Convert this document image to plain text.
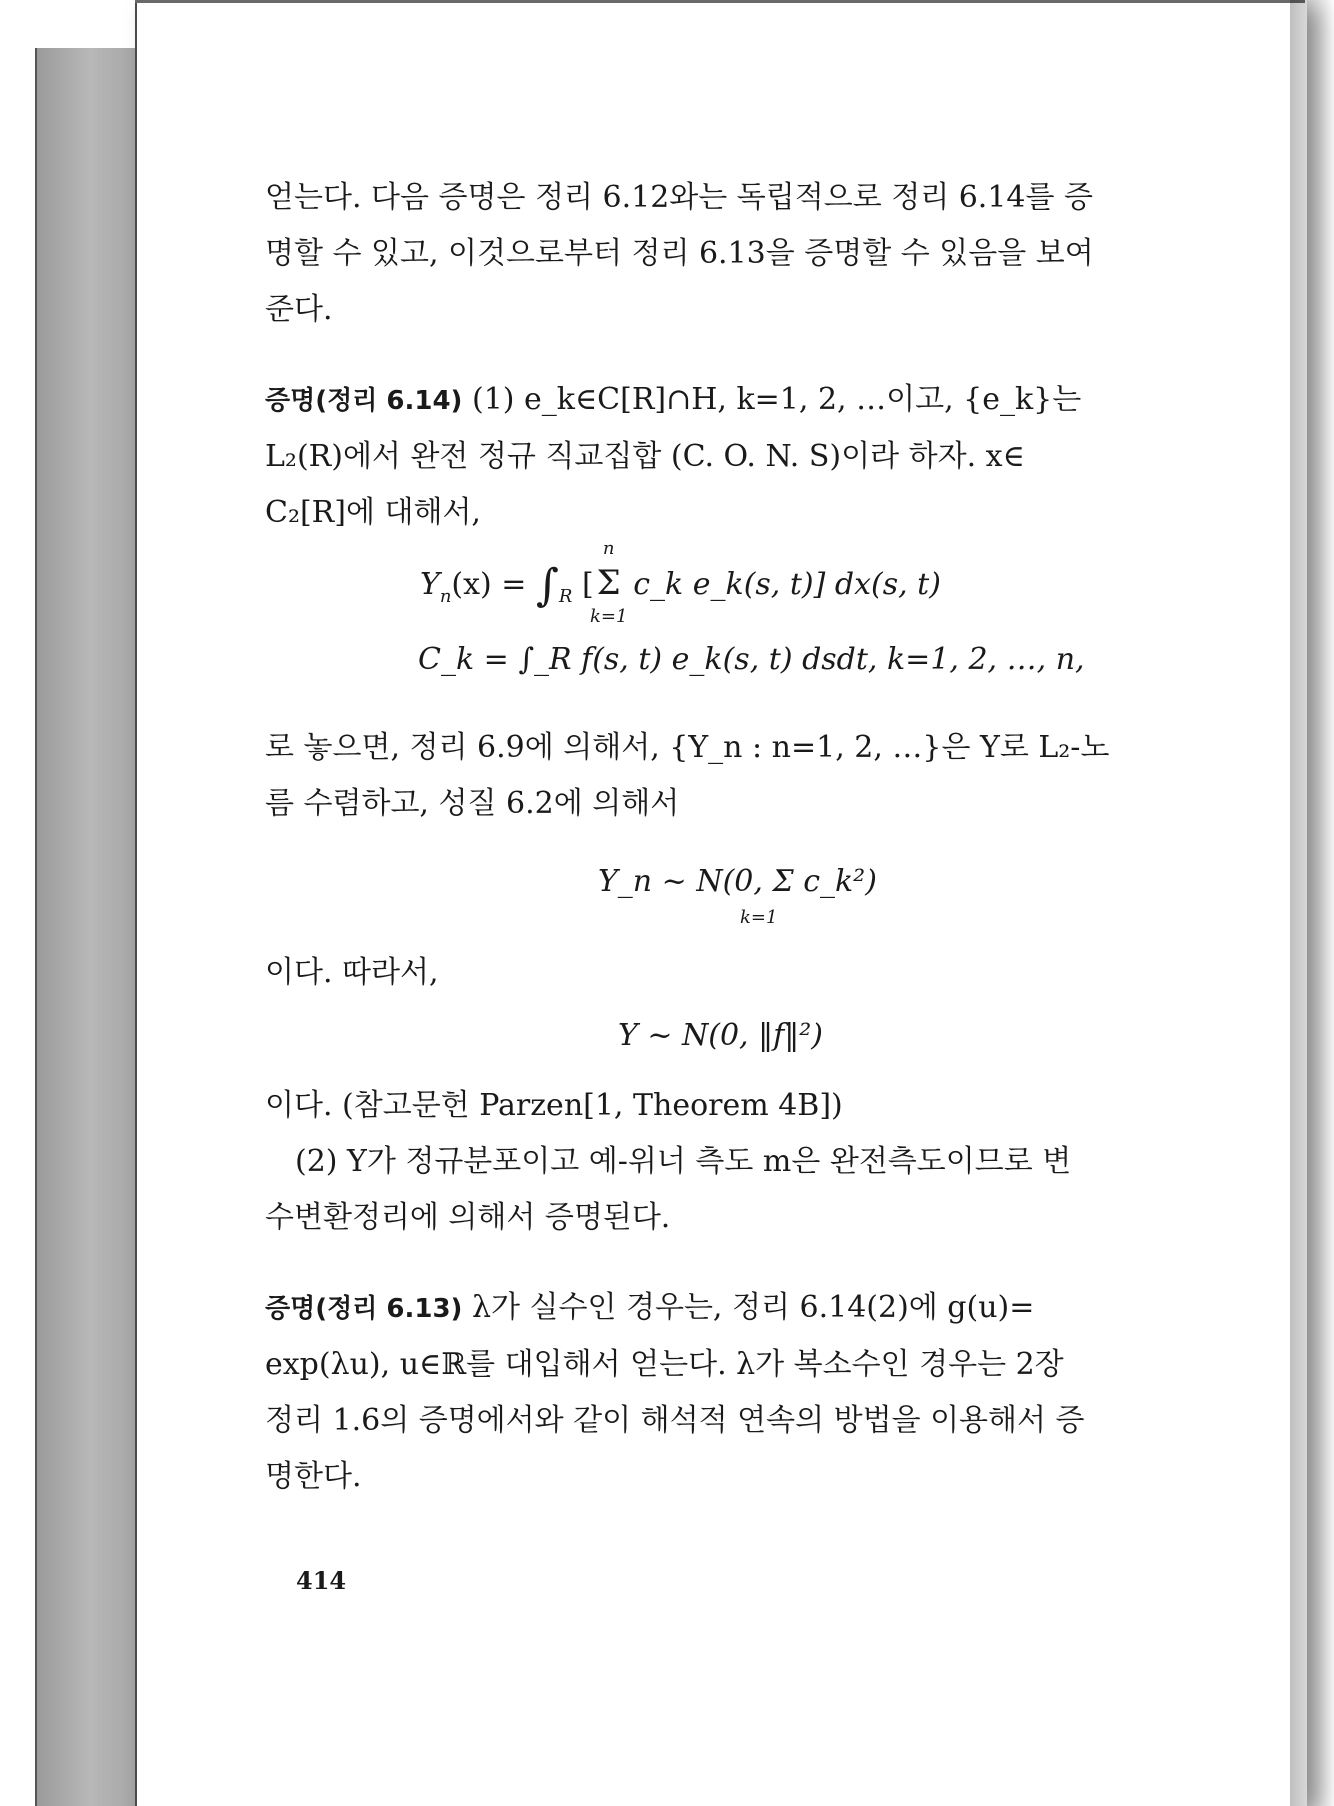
얻는다. 다음 증명은 정리 6.12와는 독립적으로 정리 6.14를 증
명할 수 있고, 이것으로부터 정리 6.13을 증명할 수 있음을 보여
준다.
증명(정리 6.14) (1) e_k∈C[R]∩H, k=1, 2, …이고, {e_k}는
L₂(R)에서 완전 정규 직교집합 (C. O. N. S)이라 하자. x∈
C₂[R]에 대해서,
$Y_n(x) = \int_R$ [Σ
n
k=1
c_k e_k(s, t)] dx(s, t)
C_k = ∫_R f(s, t) e_k(s, t) dsdt, k=1, 2, …, n,
로 놓으면, 정리 6.9에 의해서, {Y_n : n=1, 2, …}은 Y로 L₂-노
름 수렴하고, 성질 6.2에 의해서
Y_n ~ N(0, Σ c_k²)
k=1
이다. 따라서,
Y ~ N(0, ‖f‖²)
이다. (참고문헌 Parzen[1, Theorem 4B])
(2) Y가 정규분포이고 예-위너 측도 m은 완전측도이므로 변
수변환정리에 의해서 증명된다.
증명(정리 6.13) λ가 실수인 경우는, 정리 6.14(2)에 g(u)=
exp(λu), u∈ℝ를 대입해서 얻는다. λ가 복소수인 경우는 2장
정리 1.6의 증명에서와 같이 해석적 연속의 방법을 이용해서 증
명한다.
414
